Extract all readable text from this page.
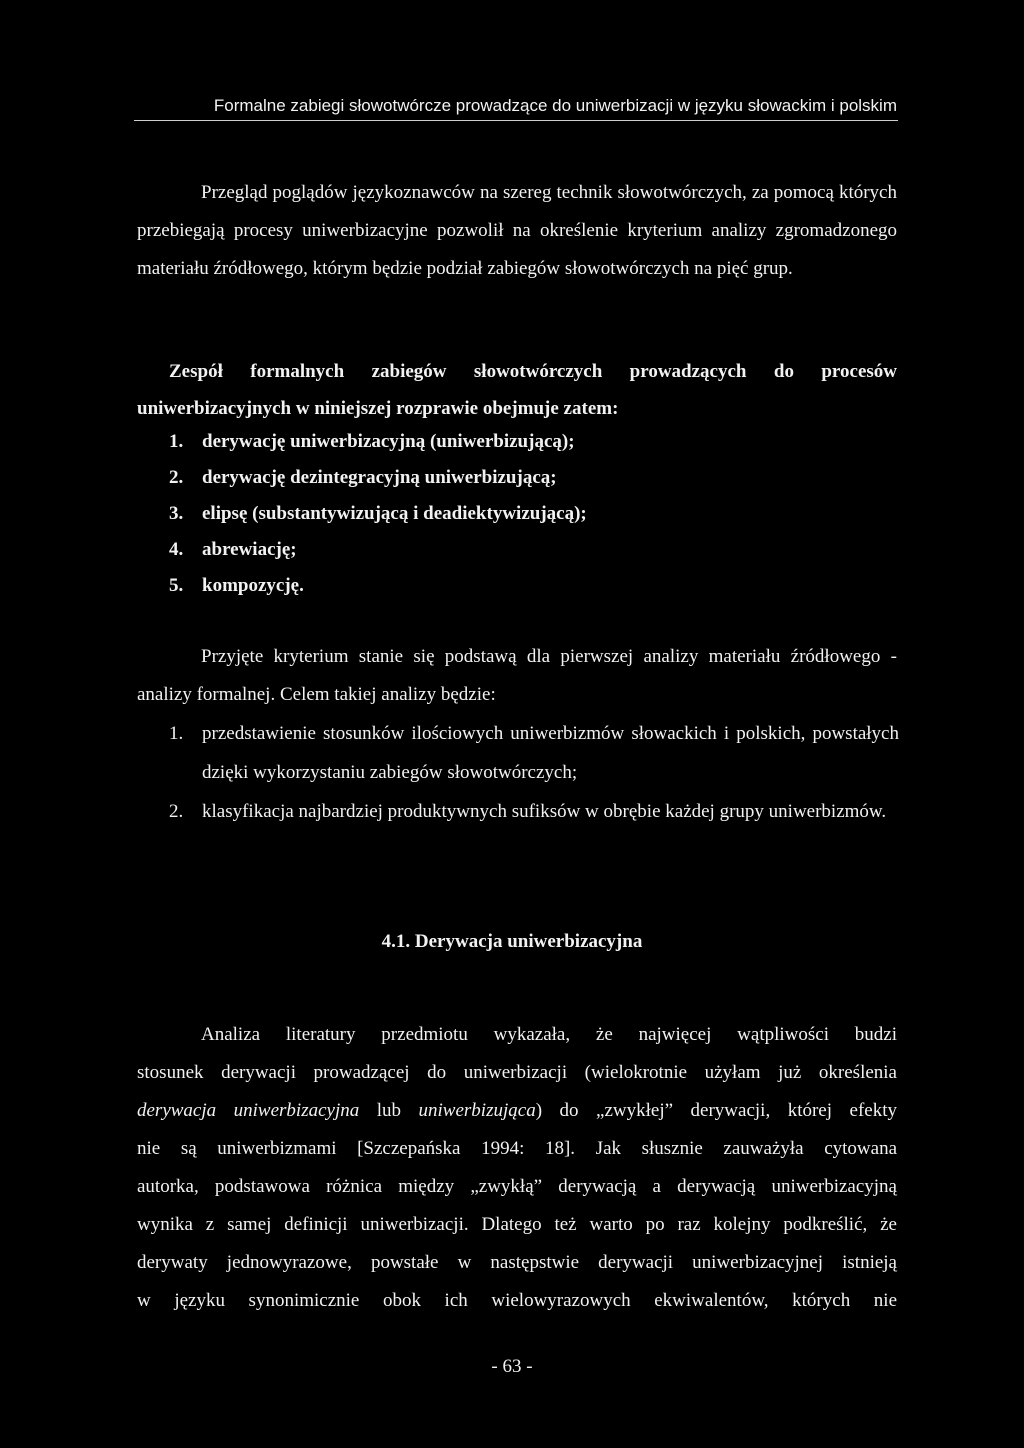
Formalne zabiegi słowotwórcze prowadzące do uniwerbizacji w języku słowackim i polskim

Przegląd poglądów językoznawców na szereg technik słowotwórczych, za pomocą których przebiegają procesy uniwerbizacyjne pozwolił na określenie kryterium analizy zgromadzonego materiału źródłowego, którym będzie podział zabiegów słowotwórczych na pięć grup.

Zespół formalnych zabiegów słowotwórczych prowadzących do procesów uniwerbizacyjnych w niniejszej rozprawie obejmuje zatem:

1. derywację uniwerbizacyjną (uniwerbizującą);
2. derywację dezintegracyjną uniwerbizującą;
3. elipsę (substantywizującą i deadiektywizującą);
4. abrewiację;
5. kompozycję.

Przyjęte kryterium stanie się podstawą dla pierwszej analizy materiału źródłowego - analizy formalnej. Celem takiej analizy będzie:

1. przedstawienie stosunków ilościowych uniwerbizmów słowackich i polskich, powstałych dzięki wykorzystaniu zabiegów słowotwórczych;
2. klasyfikacja najbardziej produktywnych sufiksów w obrębie każdej grupy uniwerbizmów.
4.1. Derywacja uniwerbizacyjna
Analiza literatury przedmiotu wykazała, że najwięcej wątpliwości budzi
stosunek derywacji prowadzącej do uniwerbizacji (wielokrotnie użyłam już określenia
derywacja uniwerbizacyjna lub uniwerbizująca) do „zwykłej” derywacji, której efekty
nie są uniwerbizmami [Szczepańska 1994: 18]. Jak słusznie zauważyła cytowana
autorka, podstawowa różnica między „zwykłą” derywacją a derywacją uniwerbizacyjną
wynika z samej definicji uniwerbizacji. Dlatego też warto po raz kolejny podkreślić, że
derywaty jednowyrazowe, powstałe w następstwie derywacji uniwerbizacyjnej istnieją
w języku synonimicznie obok ich wielowyrazowych ekwiwalentów, których nie
- 63 -
